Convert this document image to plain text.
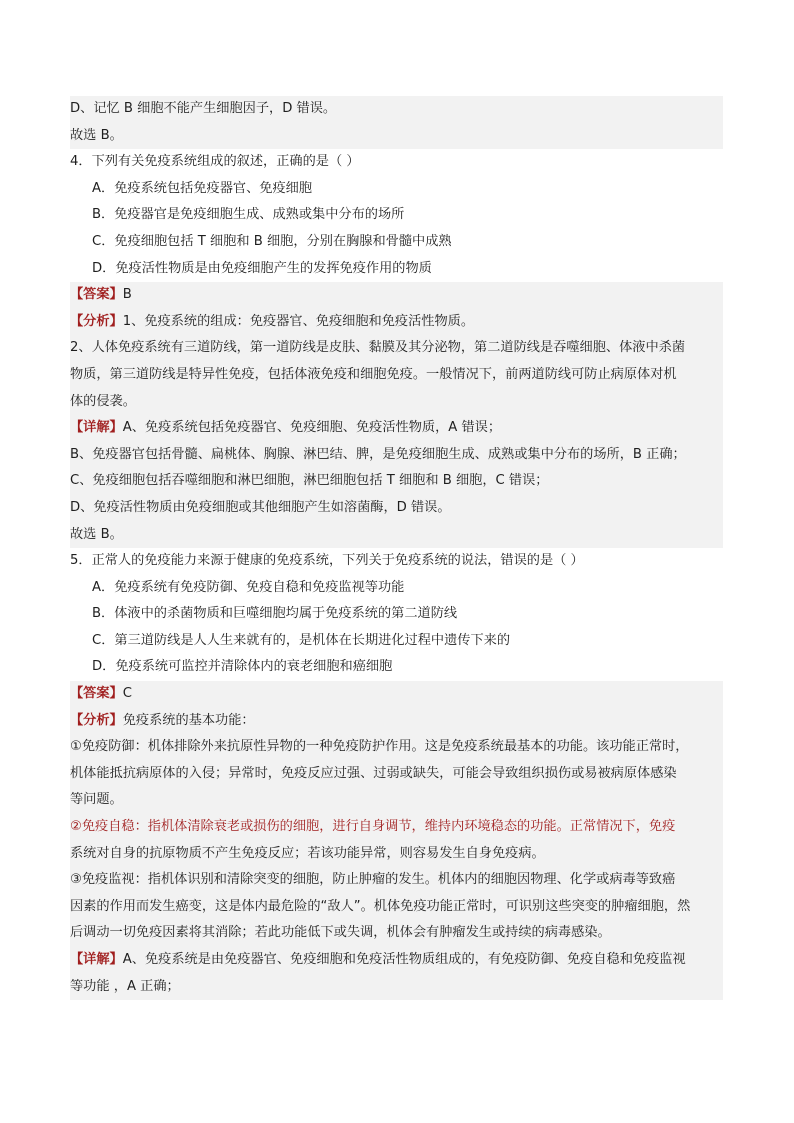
D、记忆 B 细胞不能产生细胞因子，D 错误。
故选 B。
4．下列有关免疫系统组成的叙述，正确的是（ ）
A．免疫系统包括免疫器官、免疫细胞
B．免疫器官是免疫细胞生成、成熟或集中分布的场所
C．免疫细胞包括 T 细胞和 B 细胞，分别在胸腺和骨髓中成熟
D．免疫活性物质是由免疫细胞产生的发挥免疫作用的物质
【答案】B
【分析】1、免疫系统的组成：免疫器官、免疫细胞和免疫活性物质。
2、人体免疫系统有三道防线，第一道防线是皮肤、黏膜及其分泌物，第二道防线是吞噬细胞、体液中杀菌
物质，第三道防线是特异性免疫，包括体液免疫和细胞免疫。一般情况下，前两道防线可防止病原体对机
体的侵袭。
【详解】A、免疫系统包括免疫器官、免疫细胞、免疫活性物质，A 错误；
B、免疫器官包括骨髓、扁桃体、胸腺、淋巴结、脾，是免疫细胞生成、成熟或集中分布的场所，B 正确；
C、免疫细胞包括吞噬细胞和淋巴细胞，淋巴细胞包括 T 细胞和 B 细胞，C 错误；
D、免疫活性物质由免疫细胞或其他细胞产生如溶菌酶，D 错误。
故选 B。
5．正常人的免疫能力来源于健康的免疫系统，下列关于免疫系统的说法，错误的是（ ）
A．免疫系统有免疫防御、免疫自稳和免疫监视等功能
B．体液中的杀菌物质和巨噬细胞均属于免疫系统的第二道防线
C．第三道防线是人人生来就有的，是机体在长期进化过程中遗传下来的
D．免疫系统可监控并清除体内的衰老细胞和癌细胞
【答案】C
【分析】免疫系统的基本功能：
①免疫防御：机体排除外来抗原性异物的一种免疫防护作用。这是免疫系统最基本的功能。该功能正常时，
机体能抵抗病原体的入侵；异常时，免疫反应过强、过弱或缺失，可能会导致组织损伤或易被病原体感染
等问题。
②免疫自稳：指机体清除衰老或损伤的细胞，进行自身调节，维持内环境稳态的功能。正常情况下，免疫
系统对自身的抗原物质不产生免疫反应；若该功能异常，则容易发生自身免疫病。
③免疫监视：指机体识别和清除突变的细胞，防止肿瘤的发生。机体内的细胞因物理、化学或病毒等致癌
因素的作用而发生癌变，这是体内最危险的“敌人”。机体免疫功能正常时，可识别这些突变的肿瘤细胞，然
后调动一切免疫因素将其消除；若此功能低下或失调，机体会有肿瘤发生或持续的病毒感染。
【详解】A、免疫系统是由免疫器官、免疫细胞和免疫活性物质组成的，有免疫防御、免疫自稳和免疫监视
等功能 ，A 正确；
